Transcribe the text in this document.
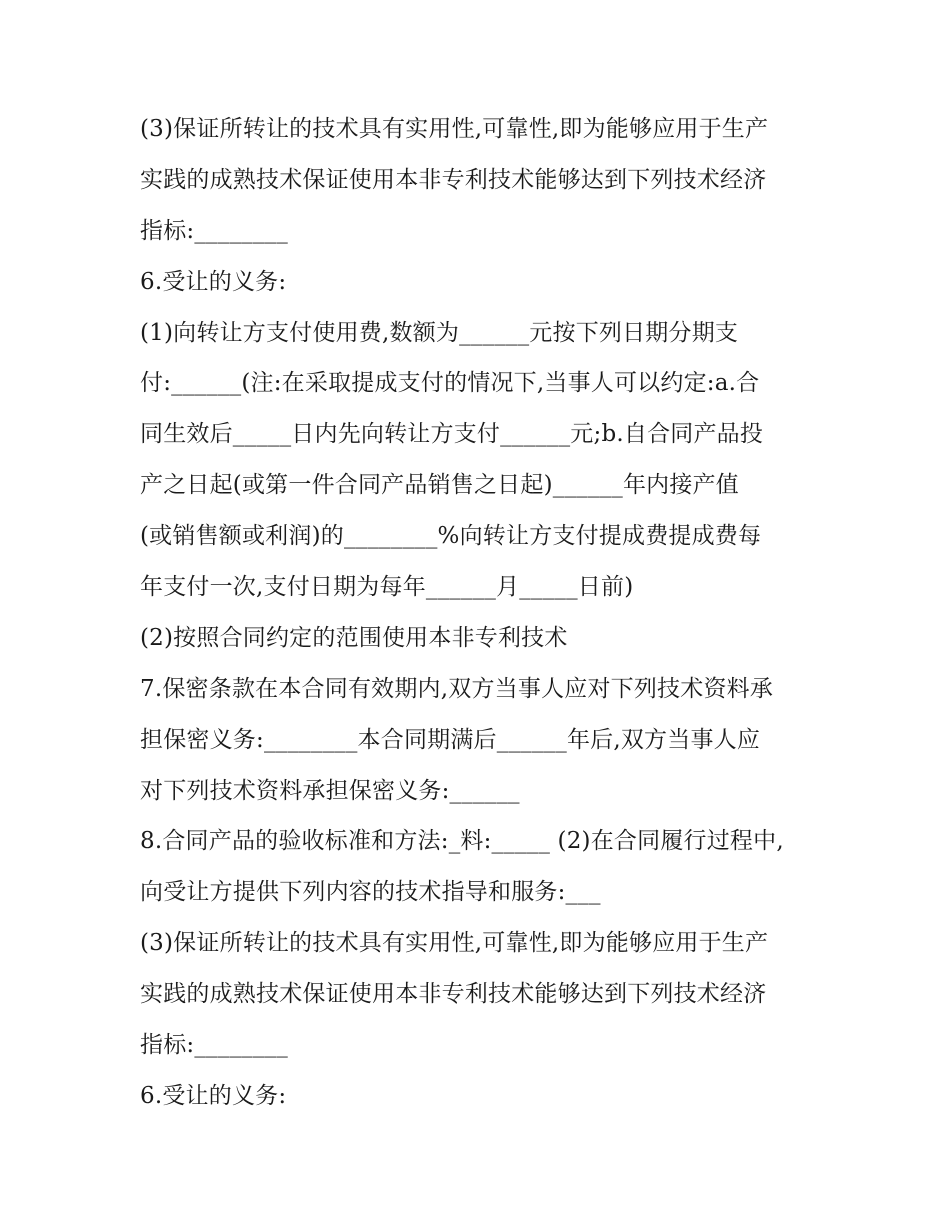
(3)保证所转让的技术具有实用性,可靠性,即为能够应用于生产
实践的成熟技术保证使用本非专利技术能够达到下列技术经济
指标:________
6.受让的义务:
(1)向转让方支付使用费,数额为______元按下列日期分期支
付:______(注:在采取提成支付的情况下,当事人可以约定:a.合
同生效后_____日内先向转让方支付______元;b.自合同产品投
产之日起(或第一件合同产品销售之日起)______年内接产值
(或销售额或利润)的________%向转让方支付提成费提成费每
年支付一次,支付日期为每年______月_____日前)
(2)按照合同约定的范围使用本非专利技术
7.保密条款在本合同有效期内,双方当事人应对下列技术资料承
担保密义务:________本合同期满后______年后,双方当事人应
对下列技术资料承担保密义务:______
8.合同产品的验收标准和方法:_料:_____ (2)在合同履行过程中,
向受让方提供下列内容的技术指导和服务:___
(3)保证所转让的技术具有实用性,可靠性,即为能够应用于生产
实践的成熟技术保证使用本非专利技术能够达到下列技术经济
指标:________
6.受让的义务:
